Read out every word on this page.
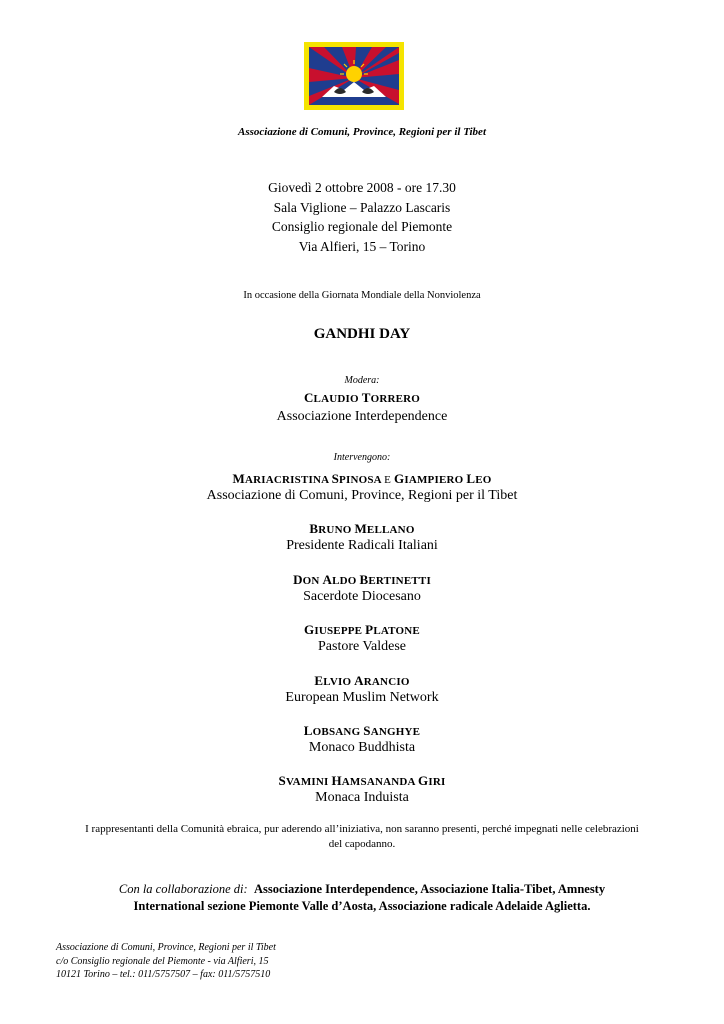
Associazione di Comuni, Province, Regioni per il Tibet
Giovedì 2 ottobre 2008 - ore 17.30
Sala Viglione – Palazzo Lascaris
Consiglio regionale del Piemonte
Via Alfieri, 15 – Torino
In occasione della Giornata Mondiale della Nonviolenza
GANDHI DAY
Modera:
CLAUDIO TORRERO
Associazione Interdependence
Intervengono:
MARIACRISTINA SPINOSA E GIAMPIERO LEO
Associazione di Comuni, Province, Regioni per il Tibet
BRUNO MELLANO
Presidente Radicali Italiani
DON ALDO BERTINETTI
Sacerdote Diocesano
GIUSEPPE PLATONE
Pastore Valdese
ELVIO ARANCIO
European Muslim Network
LOBSANG SANGHYE
Monaco Buddhista
SVAMINI HAMSANANDA GIRI
Monaca Induista
I rappresentanti della Comunità ebraica, pur aderendo all’iniziativa, non saranno presenti, perché impegnati nelle celebrazioni del capodanno.
Con la collaborazione di: Associazione Interdependence, Associazione Italia-Tibet, Amnesty International sezione Piemonte Valle d’Aosta, Associazione radicale Adelaide Aglietta.
Associazione di Comuni, Province, Regioni per il Tibet
c/o Consiglio regionale del Piemonte - via Alfieri, 15
10121 Torino – tel.: 011/5757507 – fax: 011/5757510
